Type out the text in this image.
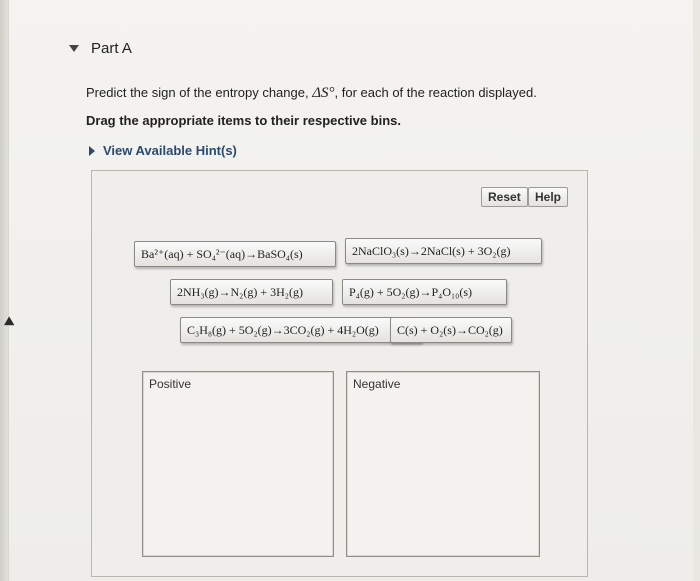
Part A
Predict the sign of the entropy change, ΔS°, for each of the reaction displayed.
Drag the appropriate items to their respective bins.
View Available Hint(s)
Reset	Help
Ba²⁺(aq) + SO₄²⁻(aq)→BaSO₄(s)	2NaClO₃(s)→2NaCl(s) + 3O₂(g)
2NH₃(g)→N₂(g) + 3H₂(g)	P₄(g) + 5O₂(g)→P₄O₁₀(s)
C₃H₈(g) + 5O₂(g)→3CO₂(g) + 4H₂O(g)	C(s) + O₂(s)→CO₂(g)
Positive	Negative
